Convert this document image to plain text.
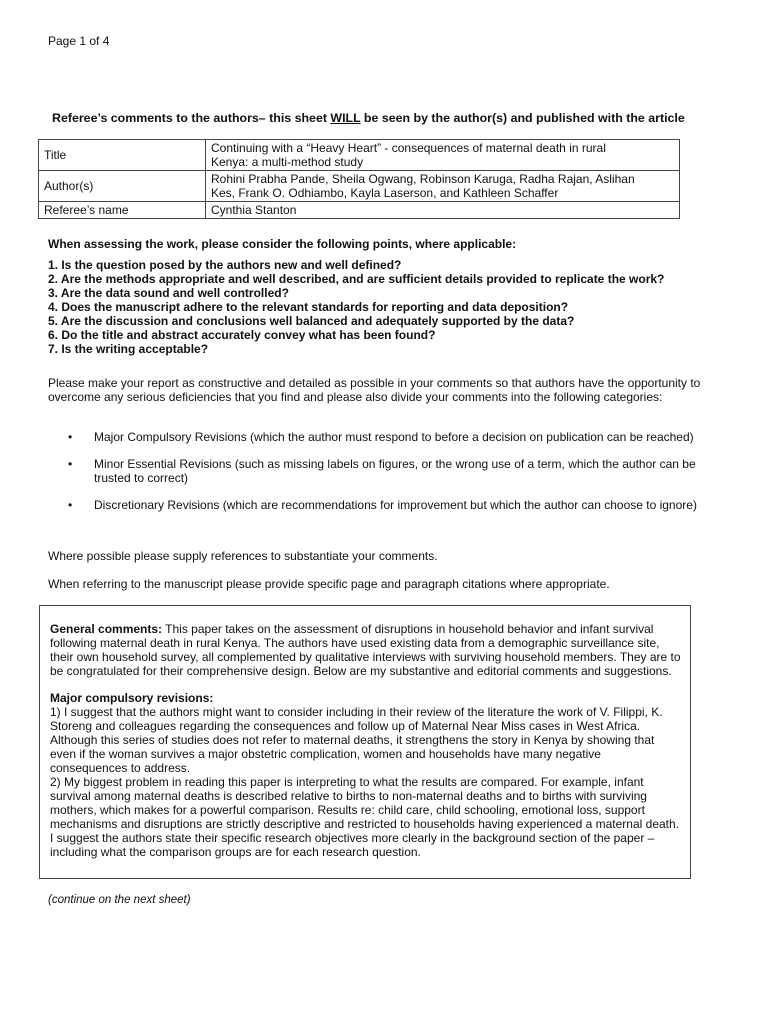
Page 1 of 4
Referee’s comments to the authors– this sheet WILL be seen by the author(s) and published with the article
Title	Continuing with a “Heavy Heart” - consequences of maternal death in rural
Kenya: a multi-method study

Author(s)	Rohini Prabha Pande, Sheila Ogwang, Robinson Karuga, Radha Rajan, Aslihan
Kes, Frank O. Odhiambo, Kayla Laserson, and Kathleen Schaffer

Referee’s name	Cynthia Stanton
When assessing the work, please consider the following points, where applicable:
1. Is the question posed by the authors new and well defined?
2. Are the methods appropriate and well described, and are sufficient details provided to replicate the work?
3. Are the data sound and well controlled?
4. Does the manuscript adhere to the relevant standards for reporting and data deposition?
5. Are the discussion and conclusions well balanced and adequately supported by the data?
6. Do the title and abstract accurately convey what has been found?
7. Is the writing acceptable?
Please make your report as constructive and detailed as possible in your comments so that authors have the opportunity to overcome any serious deficiencies that you find and please also divide your comments into the following categories:
• Major Compulsory Revisions (which the author must respond to before a decision on publication can be reached)
• Minor Essential Revisions (such as missing labels on figures, or the wrong use of a term, which the author can be trusted to correct)
• Discretionary Revisions (which are recommendations for improvement but which the author can choose to ignore)
Where possible please supply references to substantiate your comments.
When referring to the manuscript please provide specific page and paragraph citations where appropriate.

General comments: This paper takes on the assessment of disruptions in household behavior and infant survival following maternal death in rural Kenya. The authors have used existing data from a demographic surveillance site, their own household survey, all complemented by qualitative interviews with surviving household members. They are to be congratulated for their comprehensive design. Below are my substantive and editorial comments and suggestions.

Major compulsory revisions:

1) I suggest that the authors might want to consider including in their review of the literature the work of V. Filippi, K. Storeng and colleagues regarding the consequences and follow up of Maternal Near Miss cases in West Africa. Although this series of studies does not refer to maternal deaths, it strengthens the story in Kenya by showing that even if the woman survives a major obstetric complication, women and households have many negative consequences to address.

2) My biggest problem in reading this paper is interpreting to what the results are compared. For example, infant survival among maternal deaths is described relative to births to non-maternal deaths and to births with surviving mothers, which makes for a powerful comparison. Results re: child care, child schooling, emotional loss, support mechanisms and disruptions are strictly descriptive and restricted to households having experienced a maternal death. I suggest the authors state their specific research objectives more clearly in the background section of the paper – including what the comparison groups are for each research question.

(continue on the next sheet)
